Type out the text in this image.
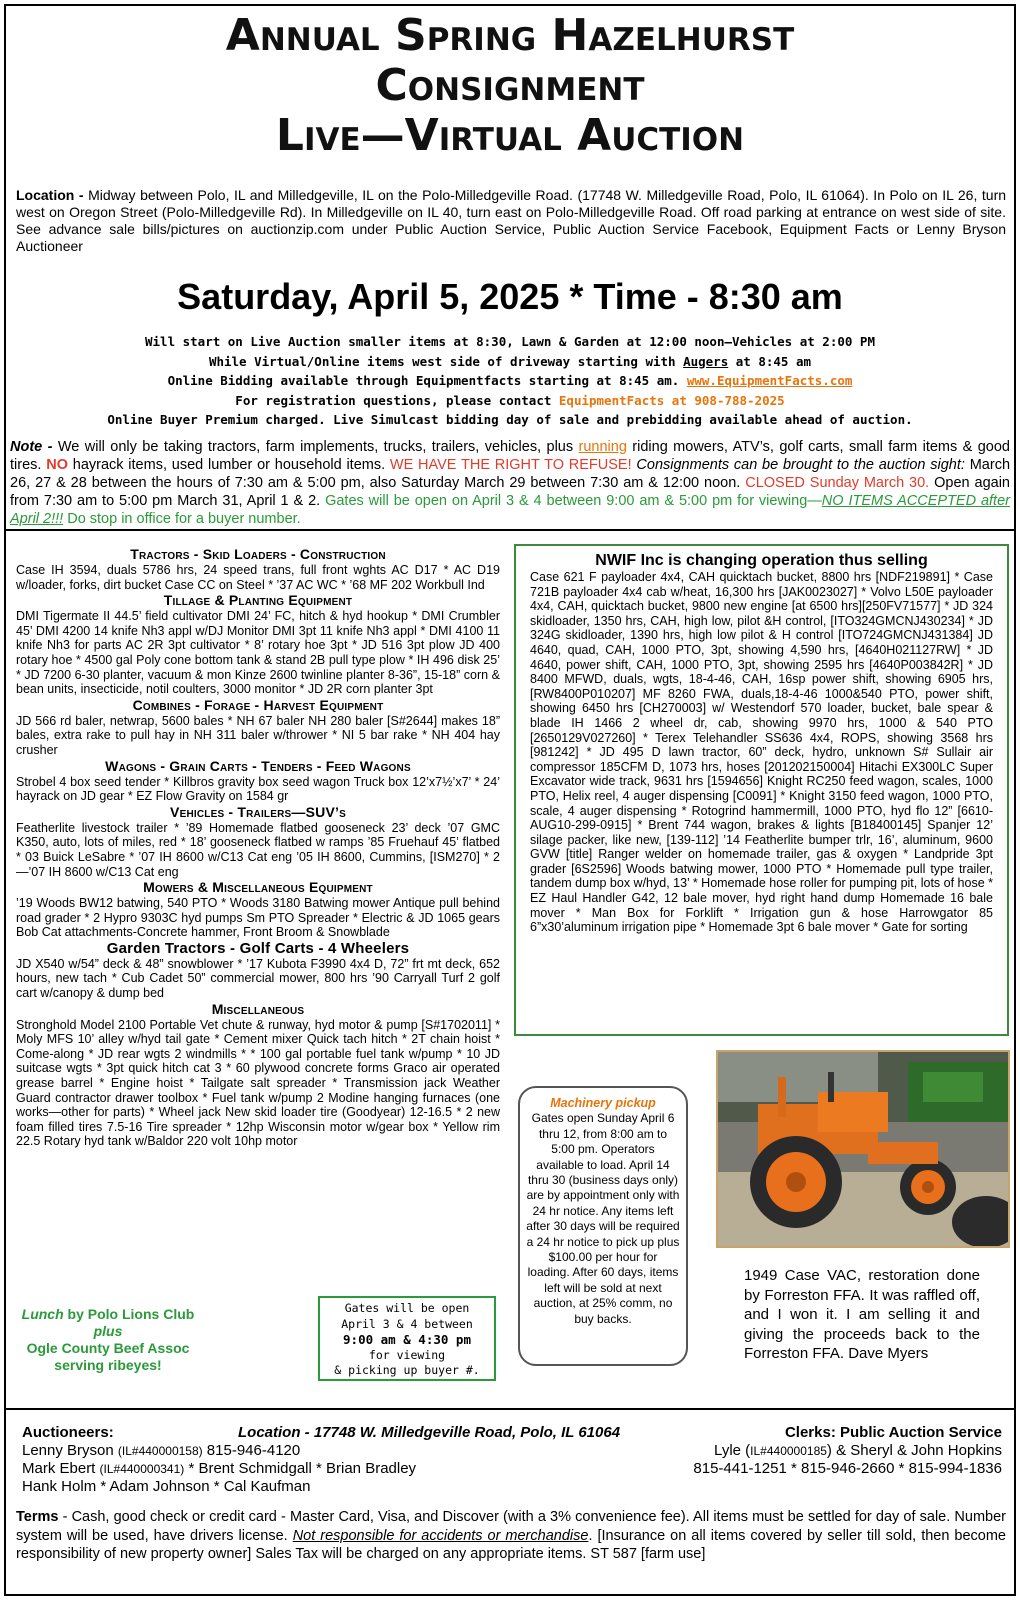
Annual Spring Hazelhurst
Consignment
Live—Virtual Auction
Location - Midway between Polo, IL and Milledgeville, IL on the Polo-Milledgeville Road. (17748 W. Milledgeville Road, Polo, IL 61064). In Polo on IL 26, turn west on Oregon Street (Polo-Milledgeville Rd). In Milledgeville on IL 40, turn east on Polo-Milledgeville Road. Off road parking at entrance on west side of site. See advance sale bills/pictures on auctionzip.com under Public Auction Service, Public Auction Service Facebook, Equipment Facts or Lenny Bryson Auctioneer
Saturday, April 5, 2025 * Time - 8:30 am
Will start on Live Auction smaller items at 8:30, Lawn & Garden at 12:00 noon—Vehicles at 2:00 PM
While Virtual/Online items west side of driveway starting with Augers at 8:45 am
Online Bidding available through Equipmentfacts starting at 8:45 am. www.EquipmentFacts.com
For registration questions, please contact EquipmentFacts at 908-788-2025
Online Buyer Premium charged. Live Simulcast bidding day of sale and prebidding available ahead of auction.
Note - We will only be taking tractors, farm implements, trucks, trailers, vehicles, plus running riding mowers, ATV’s, golf carts, small farm items & good tires. NO hayrack items, used lumber or household items. WE HAVE THE RIGHT TO REFUSE! Consignments can be brought to the auction sight: March 26, 27 & 28 between the hours of 7:30 am & 5:00 pm, also Saturday March 29 between 7:30 am & 12:00 noon. CLOSED Sunday March 30. Open again from 7:30 am to 5:00 pm March 31, April 1 & 2. Gates will be open on April 3 & 4 between 9:00 am & 5:00 pm for viewing—NO ITEMS ACCEPTED after April 2!!! Do stop in office for a buyer number.
Tractors - Skid Loaders - Construction

Case IH 3594, duals 5786 hrs, 24 speed trans, full front wghts AC D17 * AC D19 w/loader, forks, dirt bucket Case CC on Steel * ’37 AC WC * ’68 MF 202 Workbull Ind

Tillage & Planting Equipment

DMI Tigermate II 44.5’ field cultivator DMI 24’ FC, hitch & hyd hookup * DMI Crumbler 45’ DMI 4200 14 knife Nh3 appl w/DJ Monitor DMI 3pt 11 knife Nh3 appl * DMI 4100 11 knife Nh3 for parts AC 2R 3pt cultivator * 8’ rotary hoe 3pt * JD 516 3pt plow JD 400 rotary hoe * 4500 gal Poly cone bottom tank & stand 2B pull type plow * IH 496 disk 25’ * JD 7200 6-30 planter, vacuum & mon Kinze 2600 twinline planter 8-36”, 15-18” corn & bean units, insecticide, notil coulters, 3000 monitor * JD 2R corn planter 3pt

Combines - Forage - Harvest Equipment

JD 566 rd baler, netwrap, 5600 bales * NH 67 baler NH 280 baler [S#2644] makes 18” bales, extra rake to pull hay in NH 311 baler w/thrower * NI 5 bar rake * NH 404 hay crusher

Wagons - Grain Carts - Tenders - Feed Wagons

Strobel 4 box seed tender * Killbros gravity box seed wagon Truck box 12’x7½’x7’ * 24’ hayrack on JD gear * EZ Flow Gravity on 1584 gr

Vehicles - Trailers—SUV’s

Featherlite livestock trailer * ’89 Homemade flatbed gooseneck 23’ deck ’07 GMC K350, auto, lots of miles, red * 18’ gooseneck flatbed w ramps ’85 Fruehauf 45’ flatbed * 03 Buick LeSabre * ’07 IH 8600 w/C13 Cat eng ’05 IH 8600, Cummins, [ISM270] * 2—’07 IH 8600 w/C13 Cat eng

Mowers & Miscellaneous Equipment

’19 Woods BW12 batwing, 540 PTO * Woods 3180 Batwing mower Antique pull behind road grader * 2 Hypro 9303C hyd pumps Sm PTO Spreader * Electric & JD 1065 gears Bob Cat attachments-Concrete hammer, Front Broom & Snowblade

Garden Tractors - Golf Carts - 4 Wheelers

JD X540 w/54” deck & 48” snowblower * ’17 Kubota F3990 4x4 D, 72” frt mt deck, 652 hours, new tach * Cub Cadet 50” commercial mower, 800 hrs ’90 Carryall Turf 2 golf cart w/canopy & dump bed

Miscellaneous

Stronghold Model 2100 Portable Vet chute & runway, hyd motor & pump [S#1702011] * Moly MFS 10’ alley w/hyd tail gate * Cement mixer Quick tach hitch * 2T chain hoist * Come-along * JD rear wgts 2 windmills * * 100 gal portable fuel tank w/pump * 10 JD suitcase wgts * 3pt quick hitch cat 3 * 60 plywood concrete forms Graco air operated grease barrel * Engine hoist * Tailgate salt spreader * Transmission jack Weather Guard contractor drawer toolbox * Fuel tank w/pump 2 Modine hanging furnaces (one works—other for parts) * Wheel jack New skid loader tire (Goodyear) 12-16.5 * 2 new foam filled tires 7.5-16 Tire spreader * 12hp Wisconsin motor w/gear box * Yellow rim 22.5 Rotary hyd tank w/Baldor 220 volt 10hp motor

NWIF Inc is changing operation thus selling

Case 621 F payloader 4x4, CAH quicktach bucket, 8800 hrs [NDF219891] * Case 721B payloader 4x4 cab w/heat, 16,300 hrs [JAK0023027] * Volvo L50E payloader 4x4, CAH, quicktach bucket, 9800 new engine [at 6500 hrs][250FV71577] * JD 324 skidloader, 1350 hrs, CAH, high low, pilot &H control, [ITO324GMCNJ430234] * JD 324G skidloader, 1390 hrs, high low pilot & H control [ITO724GMCNJ431384] JD 4640, quad, CAH, 1000 PTO, 3pt, showing 4,590 hrs, [4640H021127RW] * JD 4640, power shift, CAH, 1000 PTO, 3pt, showing 2595 hrs [4640P003842R] * JD 8400 MFWD, duals, wgts, 18-4-46, CAH, 16sp power shift, showing 6905 hrs, [RW8400P010207] MF 8260 FWA, duals,18-4-46 1000&540 PTO, power shift, showing 6450 hrs [CH270003] w/ Westendorf 570 loader, bucket, bale spear & blade IH 1466 2 wheel dr, cab, showing 9970 hrs, 1000 & 540 PTO [2650129V027260] * Terex Telehandler SS636 4x4, ROPS, showing 3568 hrs [981242] * JD 495 D lawn tractor, 60” deck, hydro, unknown S# Sullair air compressor 185CFM D, 1073 hrs, hoses [201202150004] Hitachi EX300LC Super Excavator wide track, 9631 hrs [1594656] Knight RC250 feed wagon, scales, 1000 PTO, Helix reel, 4 auger dispensing [C0091] * Knight 3150 feed wagon, 1000 PTO, scale, 4 auger dispensing * Rotogrind hammermill, 1000 PTO, hyd flo 12” [6610-AUG10-299-0915] * Brent 744 wagon, brakes & lights [B18400145] Spanjer 12’ silage packer, like new, [139-112] ’14 Featherlite bumper trlr, 16’, aluminum, 9600 GVW [title] Ranger welder on homemade trailer, gas & oxygen * Landpride 3pt grader [6S2596] Woods batwing mower, 1000 PTO * Homemade pull type trailer, tandem dump box w/hyd, 13’ * Homemade hose roller for pumping pit, lots of hose * EZ Haul Handler G42, 12 bale mover, hyd right hand dump Homemade 16 bale mover * Man Box for Forklift * Irrigation gun & hose Harrowgator 85 6”x30’aluminum irrigation pipe * Homemade 3pt 6 bale mover * Gate for sorting

Machinery pickup
Gates open Sunday April 6 thru 12, from 8:00 am to 5:00 pm. Operators available to load. April 14 thru 30 (business days only) are by appointment only with 24 hr notice. Any items left after 30 days will be required a 24 hr notice to pick up plus $100.00 per hour for loading. After 60 days, items left will be sold at next auction, at 25% comm, no buy backs.
1949 Case VAC, restoration done by Forreston FFA. It was raffled off, and I won it. I am selling it and giving the proceeds back to the Forreston FFA. Dave Myers
Lunch by Polo Lions Club
plus
Ogle County Beef Assoc
serving ribeyes!
Gates will be open
April 3 & 4 between
9:00 am & 4:30 pm
for viewing
& picking up buyer #.
Auctioneers:	Location - 17748 W. Milledgeville Road, Polo, IL 61064	Clerks: Public Auction Service
Lenny Bryson (IL#440000158) 815-946-4120	Lyle (IL#440000185) & Sheryl & John Hopkins
Mark Ebert (IL#440000341) * Brent Schmidgall * Brian Bradley	815-441-1251 * 815-946-2660 * 815-994-1836
Hank Holm * Adam Johnson * Cal Kaufman
Terms - Cash, good check or credit card - Master Card, Visa, and Discover (with a 3% convenience fee). All items must be settled for day of sale. Number system will be used, have drivers license. Not responsible for accidents or merchandise. [Insurance on all items covered by seller till sold, then become responsibility of new property owner] Sales Tax will be charged on any appropriate items. ST 587 [farm use]
